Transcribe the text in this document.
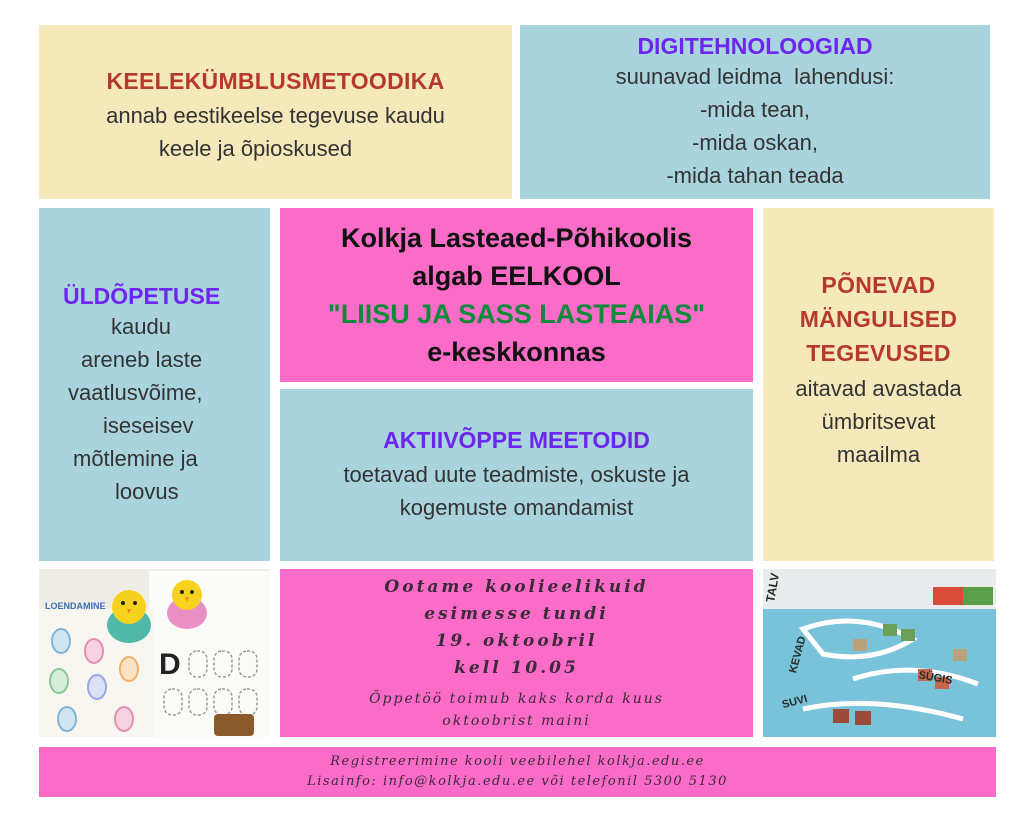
KEELEKÜMBLUSMETOODIKA
annab eestikeelse tegevuse kaudu
keele ja õpioskused
DIGITEHNOLOOGIAD
suunavad leidma  lahendusi:
-mida tean,
-mida oskan,
-mida tahan teada
ÜLDÕPETUSE
kaudu
areneb laste
vaatlusvõime,
iseseisev
mõtlemine ja
loovus
Kolkja Lasteaed-Põhikoolis
algab EELKOOL
"LIISU JA SASS LASTEAIAS"
e-keskkonnas
PÕNEVAD
MÄNGULISED
TEGEVUSED
aitavad avastada
ümbritsevat
maailma
AKTIIVÕPPE MEETODID
toetavad uute teadmiste, oskuste ja
kogemuste omandamist
LOENDAMINE
D
Ootame koolieelikuid
esimesse tundi
19. oktoobril
kell 10.05
Õppetöö toimub kaks korda kuus
oktoobrist maini
TALV
KEVAD
SÜGIS
SUVI
Registreerimine kooli veebilehel kolkja.edu.ee
Lisainfo: info@kolkja.edu.ee või telefonil 5300 5130
